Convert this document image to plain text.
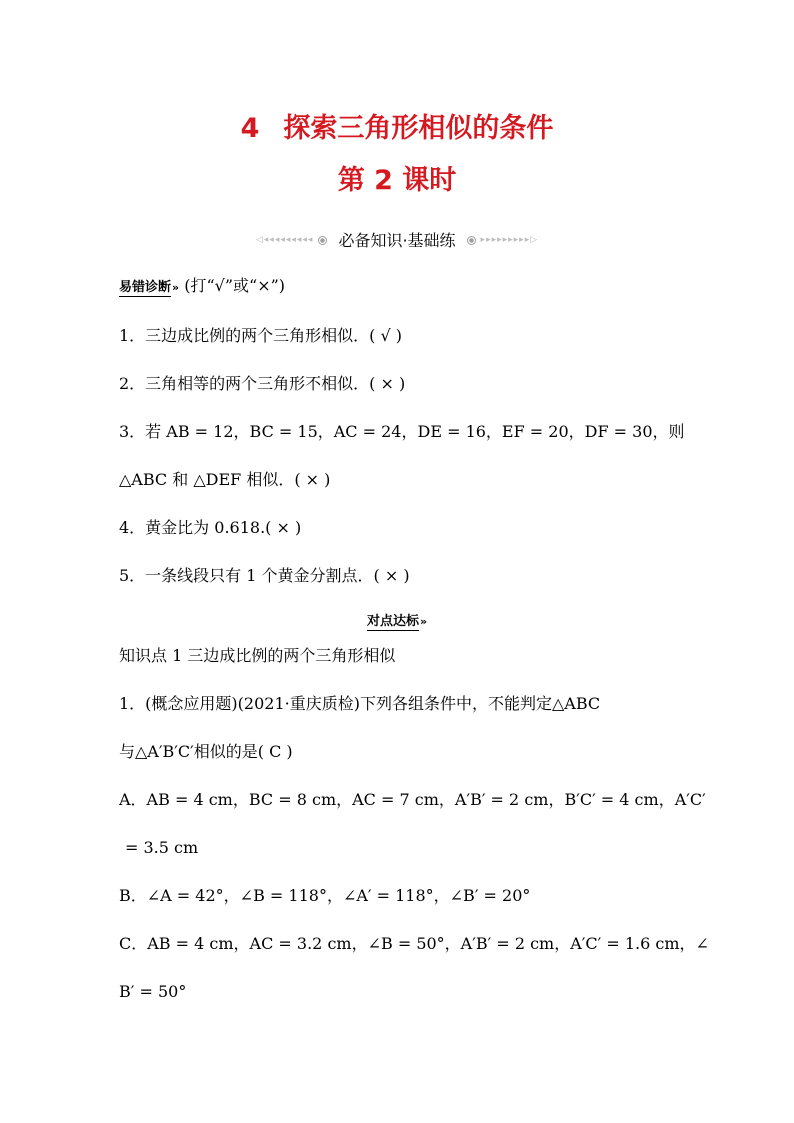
4 探索三角形相似的条件
第 2 课时
◁◂◂◂◂◂◂◂◂◂ 必备知识·基础练	▸▸▸▸▸▸▸▸▸▷
易错诊断» (打“√”或“×”)
1．三边成比例的两个三角形相似．( √ )
2．三角相等的两个三角形不相似．( × )
3．若 AB = 12，BC = 15，AC = 24，DE = 16，EF = 20，DF = 30，则
△ABC 和 △DEF 相似．( × )
4．黄金比为 0.618.( × )
5．一条线段只有 1 个黄金分割点．( × )
对点达标»
知识点 1 三边成比例的两个三角形相似
1．(概念应用题)(2021·重庆质检)下列各组条件中，不能判定△ABC
与△A′B′C′相似的是( C )
A．AB = 4 cm，BC = 8 cm，AC = 7 cm，A′B′ = 2 cm，B′C′ = 4 cm，A′C′
= 3.5 cm
B．∠A = 42°，∠B = 118°，∠A′ = 118°，∠B′ = 20°
C．AB = 4 cm，AC = 3.2 cm，∠B = 50°，A′B′ = 2 cm，A′C′ = 1.6 cm，∠
B′ = 50°
